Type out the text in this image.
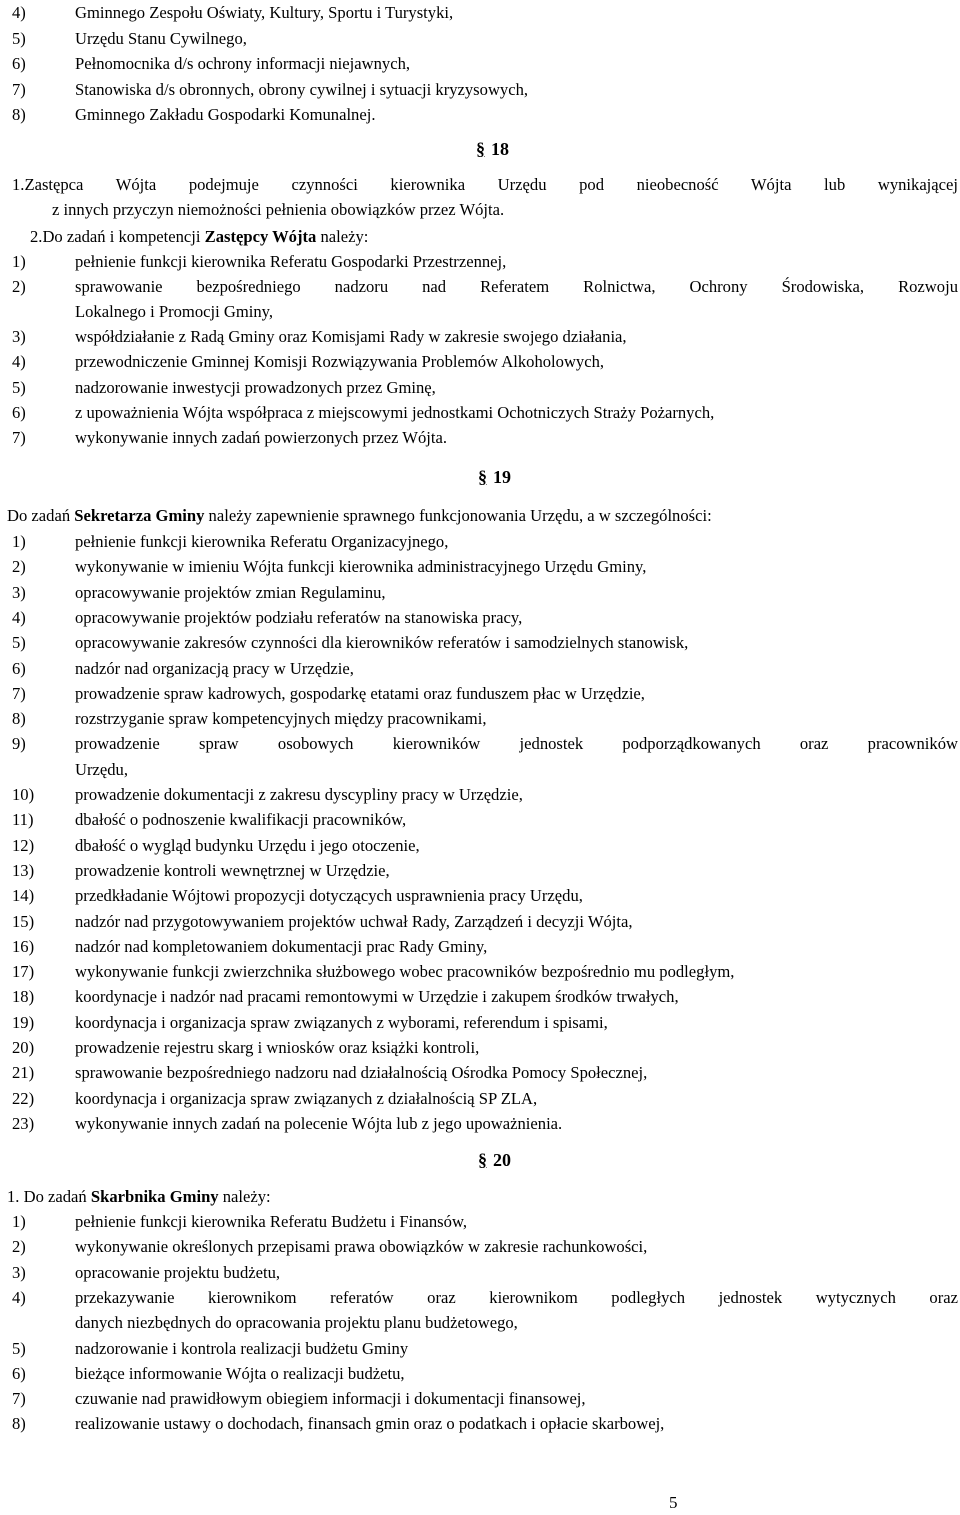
4)	Gminnego Zespołu Oświaty, Kultury, Sportu i Turystyki,
5)	Urzędu Stanu Cywilnego,
6)	Pełnomocnika d/s ochrony informacji niejawnych,
7)	Stanowiska d/s obronnych, obrony cywilnej i sytuacji kryzysowych,
8)	Gminnego Zakładu Gospodarki Komunalnej.
§ 18
1.Zastępca Wójta podejmuje czynności kierownika Urzędu pod nieobecność Wójta lub wynikającej
z innych przyczyn niemożności pełnienia obowiązków przez Wójta.
2.Do zadań i kompetencji Zastępcy Wójta należy:
1)	pełnienie funkcji kierownika Referatu Gospodarki Przestrzennej,
2)	sprawowanie bezpośredniego nadzoru nad Referatem Rolnictwa, Ochrony Środowiska, Rozwoju
Lokalnego i Promocji Gminy,
3)	współdziałanie z Radą Gminy oraz Komisjami Rady w zakresie swojego działania,
4)	przewodniczenie Gminnej Komisji Rozwiązywania Problemów Alkoholowych,
5)	nadzorowanie inwestycji prowadzonych przez Gminę,
6)	z upoważnienia Wójta współpraca z miejscowymi jednostkami Ochotniczych Straży Pożarnych,
7)	wykonywanie innych zadań powierzonych przez Wójta.
§ 19
Do zadań Sekretarza Gminy należy zapewnienie sprawnego funkcjonowania Urzędu, a w szczególności:
1)	pełnienie funkcji kierownika Referatu Organizacyjnego,
2)	wykonywanie w imieniu Wójta funkcji kierownika administracyjnego Urzędu Gminy,
3)	opracowywanie projektów zmian Regulaminu,
4)	opracowywanie projektów podziału referatów na stanowiska pracy,
5)	opracowywanie zakresów czynności dla kierowników referatów i samodzielnych stanowisk,
6)	nadzór nad organizacją pracy w Urzędzie,
7)	prowadzenie spraw kadrowych, gospodarkę etatami oraz funduszem płac w Urzędzie,
8)	rozstrzyganie spraw kompetencyjnych między pracownikami,
9)	prowadzenie spraw osobowych kierowników jednostek podporządkowanych oraz pracowników
Urzędu,
10) prowadzenie dokumentacji z zakresu dyscypliny pracy w Urzędzie,
11) dbałość o podnoszenie kwalifikacji pracowników,
12) dbałość o wygląd budynku Urzędu i jego otoczenie,
13) prowadzenie kontroli wewnętrznej w Urzędzie,
14) przedkładanie Wójtowi propozycji dotyczących usprawnienia pracy Urzędu,
15) nadzór nad przygotowywaniem projektów uchwał Rady, Zarządzeń i decyzji Wójta,
16) nadzór nad kompletowaniem dokumentacji prac Rady Gminy,
17) wykonywanie funkcji zwierzchnika służbowego wobec pracowników bezpośrednio mu podległym,
18) koordynacje i nadzór nad pracami remontowymi w Urzędzie i zakupem środków trwałych,
19) koordynacja i organizacja spraw związanych z wyborami, referendum i spisami,
20) prowadzenie rejestru skarg i wniosków oraz książki kontroli,
21) sprawowanie bezpośredniego nadzoru nad działalnością Ośrodka Pomocy Społecznej,
22) koordynacja i organizacja spraw związanych z działalnością SP ZLA,
23) wykonywanie innych zadań na polecenie Wójta lub z jego upoważnienia.
§ 20
1. Do zadań Skarbnika Gminy należy:
1)	pełnienie funkcji kierownika Referatu Budżetu i Finansów,
2)	wykonywanie określonych przepisami prawa obowiązków w zakresie rachunkowości,
3)	opracowanie projektu budżetu,
4)	przekazywanie kierownikom referatów oraz kierownikom podległych jednostek wytycznych oraz
danych niezbędnych do opracowania projektu planu budżetowego,
5)	nadzorowanie i kontrola realizacji budżetu Gminy
6)	bieżące informowanie Wójta o realizacji budżetu,
7)	czuwanie nad prawidłowym obiegiem informacji i dokumentacji finansowej,
8)	realizowanie ustawy o dochodach, finansach gmin oraz o podatkach i opłacie skarbowej,
5
